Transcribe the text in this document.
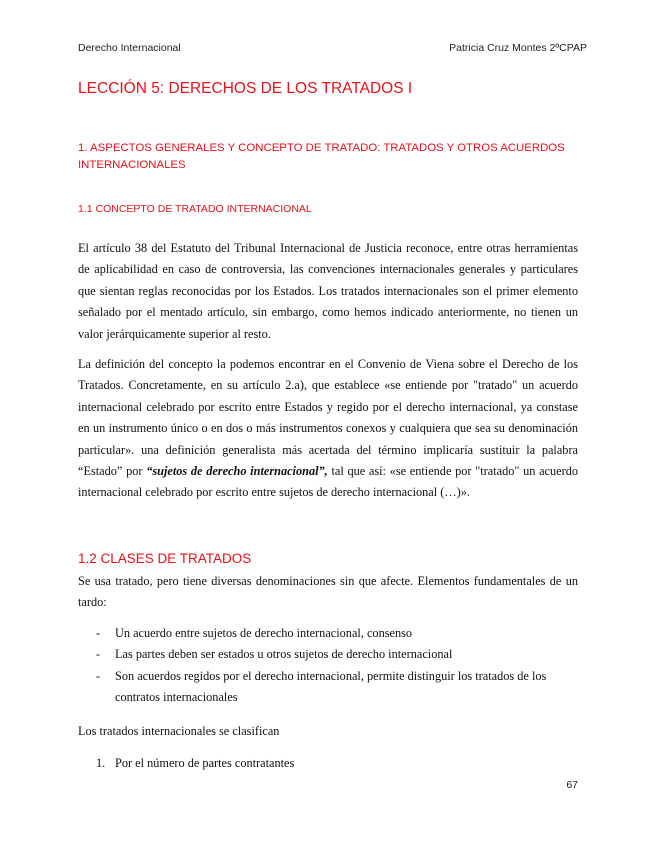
Derecho Internacional	Patricia Cruz Montes 2ºCPAP
LECCIÓN 5: DERECHOS DE LOS TRATADOS I
1. ASPECTOS GENERALES Y CONCEPTO DE TRATADO: TRATADOS Y OTROS ACUERDOS INTERNACIONALES
1.1 CONCEPTO DE TRATADO INTERNACIONAL

El artículo 38 del Estatuto del Tribunal Internacional de Justicia reconoce, entre otras herramientas de aplicabilidad en caso de controversia, las convenciones internacionales generales y particulares que sientan reglas reconocidas por los Estados. Los tratados internacionales son el primer elemento señalado por el mentado artículo, sin embargo, como hemos indicado anteriormente, no tienen un valor jerárquicamente superior al resto.

La definición del concepto la podemos encontrar en el Convenio de Viena sobre el Derecho de los Tratados. Concretamente, en su artículo 2.a), que establece «se entiende por "tratado" un acuerdo internacional celebrado por escrito entre Estados y regido por el derecho internacional, ya constase en un instrumento único o en dos o más instrumentos conexos y cualquiera que sea su denominación particular». una definición generalista más acertada del término implicaría sustituir la palabra “Estado” por “sujetos de derecho internacional”, tal que así: «se entiende por "tratado" un acuerdo internacional celebrado por escrito entre sujetos de derecho internacional (…)».

1.2 CLASES DE TRATADOS

Se usa tratado, pero tiene diversas denominaciones sin que afecte. Elementos fundamentales de un tardo:

- Un acuerdo entre sujetos de derecho internacional, consenso
- Las partes deben ser estados u otros sujetos de derecho internacional
- Son acuerdos regidos por el derecho internacional, permite distinguir los tratados de los contratos internacionales

Los tratados internacionales se clasifican

1. Por el número de partes contratantes
67
